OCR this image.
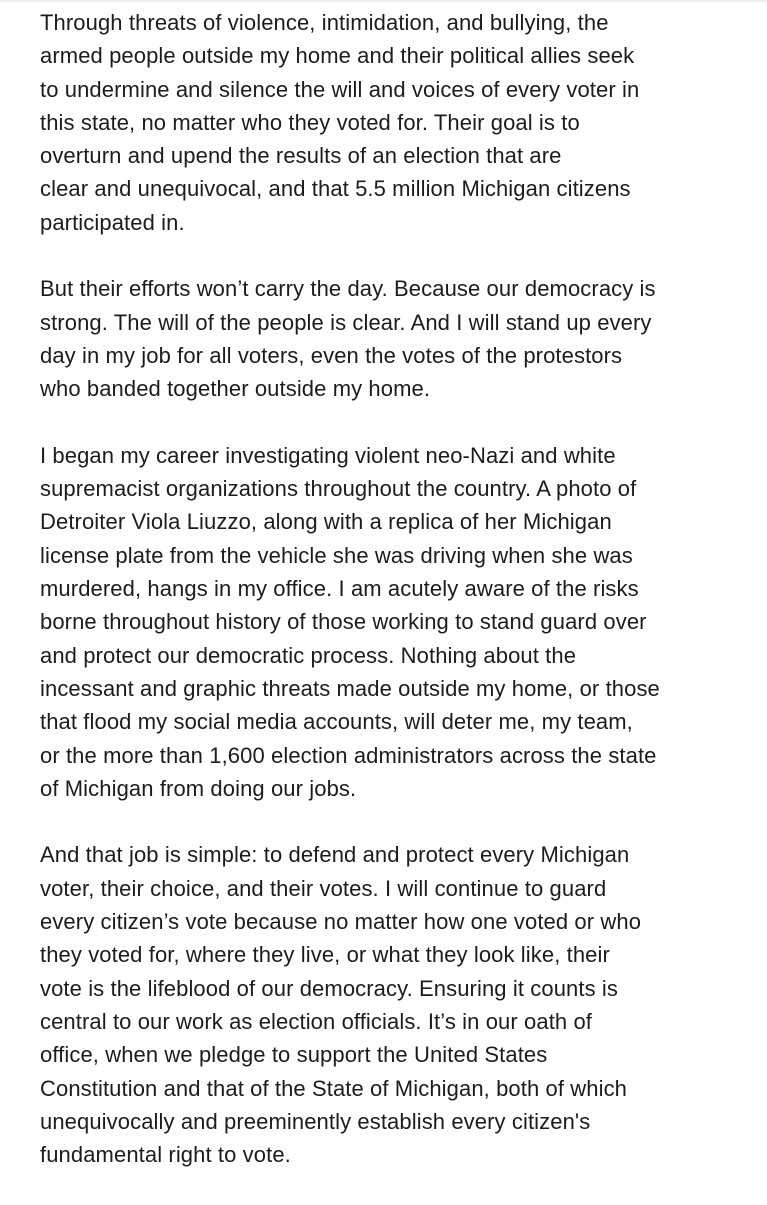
Through threats of violence, intimidation, and bullying, the
armed people outside my home and their political allies seek
to undermine and silence the will and voices of every voter in
this state, no matter who they voted for. Their goal is to
overturn and upend the results of an election that are
clear and unequivocal, and that 5.5 million Michigan citizens
participated in.

But their efforts won’t carry the day. Because our democracy is
strong. The will of the people is clear. And I will stand up every
day in my job for all voters, even the votes of the protestors
who banded together outside my home.

I began my career investigating violent neo-Nazi and white
supremacist organizations throughout the country. A photo of
Detroiter Viola Liuzzo, along with a replica of her Michigan
license plate from the vehicle she was driving when she was
murdered, hangs in my office. I am acutely aware of the risks
borne throughout history of those working to stand guard over
and protect our democratic process. Nothing about the
incessant and graphic threats made outside my home, or those
that flood my social media accounts, will deter me, my team,
or the more than 1,600 election administrators across the state
of Michigan from doing our jobs.

And that job is simple: to defend and protect every Michigan
voter, their choice, and their votes. I will continue to guard
every citizen’s vote because no matter how one voted or who
they voted for, where they live, or what they look like, their
vote is the lifeblood of our democracy. Ensuring it counts is
central to our work as election officials. It’s in our oath of
office, when we pledge to support the United States
Constitution and that of the State of Michigan, both of which
unequivocally and preeminently establish every citizen's
fundamental right to vote.
